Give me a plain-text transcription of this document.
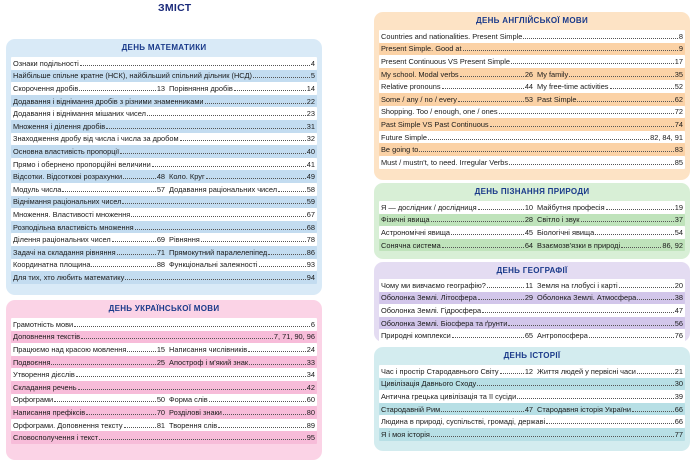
ЗМІСТ
ДЕНЬ МАТЕМАТИКИ
Ознаки подільності	4
Найбільше спільне кратне (НСК), найбільший спільний дільник (НСД)	5
Скорочення дробів	13 Порівняння дробів	14
Додавання і віднімання дробів з різними знаменниками	22
Додавання і віднімання мішаних чисел	23
Множення і ділення дробів	31
Знаходження дробу від числа і числа за дробом	32
Основна властивість пропорції	40
Прямо і обернено пропорційні величини	41
Відсотки. Відсоткові розрахунки	48 Коло. Круг	49
Модуль числа	57 Додавання раціональних чисел	58
Віднімання раціональних чисел	59
Множення. Властивості множення	67
Розподільна властивість множення	68
Ділення раціональних чисел	69 Рівняння	78
Задачі на складання рівняння	71 Прямокутний паралелепіпед	86
Координатна площина	88 Функціональні залежності	93
Для тих, хто любить математику	94
ДЕНЬ УКРАЇНСЬКОЇ МОВИ
Грамотність мови	6
Доповнення текстів	7, 71, 90, 96
Працюємо над красою мовлення	15 Написання числівників	24
Подвоєння	25 Апостроф і м'який знак	33
Утворення дієслів	34
Складання речень	42
Орфограми	50 Форма слів	60
Написання префіксів	70 Розділові знаки	80
Орфограми. Доповнення тексту	81 Творення слів	89
Словосполучення і текст	95
ДЕНЬ АНГЛІЙСЬКОЇ МОВИ
Countries and nationalities. Present Simple	8
Present Simple. Good at	9
Present Continuous VS Present Simple	17
My school. Modal verbs	26 My family	35
Relative pronouns	44 My free-time activities	52
Some / any / no / every	53 Past Simple	62
Shopping. Too / enough, one / ones	72
Past Simple VS Past Continuous	74
Future Simple	82, 84, 91
Be going to	83
Must / mustn't, to need. Irregular Verbs	85
ДЕНЬ ПІЗНАННЯ ПРИРОДИ
Я — дослідник / дослідниця	10 Майбутня професія	19
Фізичні явища	28 Світло і звук	37
Астрономічні явища	45 Біологічні явища	54
Сонячна система	64 Взаємозв'язки в природі	86, 92
ДЕНЬ ГЕОГРАФІЇ
Чому ми вивчаємо географію?	11 Земля на глобусі і карті	20
Оболонка Землі. Літосфера	29 Оболонка Землі. Атмосфера	38
Оболонка Землі. Гідросфера	47
Оболонка Землі. Біосфера та ґрунти	56
Природні комплекси	65 Антропосфера	76
ДЕНЬ ІСТОРІЇ
Час і простір Стародавнього Світу	12 Життя людей у первісні часи	21
Цивілізація Давнього Сходу	30
Антична грецька цивілізація та її сусіди	39
Стародавній Рим	47 Стародавня історія України	66
Людина в природі, суспільстві, громаді, державі	66
Я і моя історія	77
